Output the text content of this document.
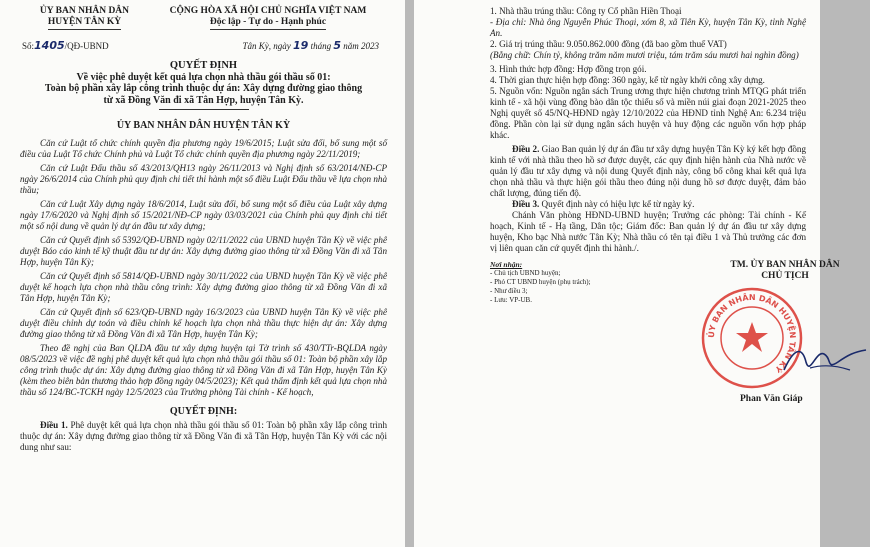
ỦY BAN NHÂN DÂN
HUYỆN TÂN KỲ
CỘNG HÒA XÃ HỘI CHỦ NGHĨA VIỆT NAM
Độc lập - Tự do - Hạnh phúc
Số:1405/QĐ-UBND	Tân Kỳ, ngày 19 tháng 5 năm 2023
QUYẾT ĐỊNH
Về việc phê duyệt kết quả lựa chọn nhà thầu gói thầu số 01:
Toàn bộ phần xây lắp công trình thuộc dự án: Xây dựng đường giao thông
từ xã Đồng Văn đi xã Tân Hợp, huyện Tân Kỳ.
ỦY BAN NHÂN DÂN HUYỆN TÂN KỲ

Căn cứ Luật tổ chức chính quyền địa phương ngày 19/6/2015; Luật sửa đổi, bổ sung một số điều của Luật Tổ chức Chính phủ và Luật Tổ chức chính quyền địa phương ngày 22/11/2019;

Căn cứ Luật Đấu thầu số 43/2013/QH13 ngày 26/11/2013 và Nghị định số 63/2014/NĐ-CP ngày 26/6/2014 của Chính phủ quy định chi tiết thi hành một số điều Luật Đấu thầu về lựa chọn nhà thầu;

Căn cứ Luật Xây dựng ngày 18/6/2014, Luật sửa đổi, bổ sung một số điều của Luật xây dựng ngày 17/6/2020 và Nghị định số 15/2021/NĐ-CP ngày 03/03/2021 của Chính phủ quy định chi tiết một số nội dung về quản lý dự án đầu tư xây dựng;

Căn cứ Quyết định số 5392/QĐ-UBND ngày 02/11/2022 của UBND huyện Tân Kỳ về việc phê duyệt Báo cáo kinh tế kỹ thuật đầu tư dự án: Xây dựng đường giao thông từ xã Đồng Văn đi xã Tân Hợp, huyện Tân Kỳ;

Căn cứ Quyết định số 5814/QĐ-UBND ngày 30/11/2022 của UBND huyện Tân Kỳ về việc phê duyệt kế hoạch lựa chọn nhà thầu công trình: Xây dựng đường giao thông từ xã Đồng Văn đi xã Tân Hợp, huyện Tân Kỳ;

Căn cứ Quyết định số 623/QĐ-UBND ngày 16/3/2023 của UBND huyện Tân Kỳ về việc phê duyệt điều chỉnh dự toán và điều chỉnh kế hoạch lựa chọn nhà thầu thực hiện dự án: Xây dựng đường giao thông từ xã Đồng Văn đi xã Tân Hợp, huyện Tân Kỳ;

Theo đề nghị của Ban QLDA đầu tư xây dựng huyện tại Tờ trình số 430/TTr-BQLDA ngày 08/5/2023 về việc đề nghị phê duyệt kết quả lựa chọn nhà thầu gói thầu số 01: Toàn bộ phần xây lắp công trình thuộc dự án: Xây dựng đường giao thông từ xã Đồng Văn đi xã Tân Hợp, huyện Tân Kỳ (kèm theo biên bản thương thảo hợp đồng ngày 04/5/2023); Kết quả thẩm định kết quả lựa chọn nhà thầu số 124/BC-TCKH ngày 12/5/2023 của Trưởng phòng Tài chính - Kế hoạch,

QUYẾT ĐỊNH:

Điều 1. Phê duyệt kết quả lựa chọn nhà thầu gói thầu số 01: Toàn bộ phần xây lắp công trình thuộc dự án: Xây dựng đường giao thông từ xã Đồng Văn đi xã Tân Hợp, huyện Tân Kỳ với các nội dung như sau:

1. Nhà thầu trúng thầu: Công ty Cổ phần Hiền Thoại

- Địa chỉ: Nhà ông Nguyễn Phúc Thoại, xóm 8, xã Tiên Kỳ, huyện Tân Kỳ, tỉnh Nghệ An.

2. Giá trị trúng thầu: 9.050.862.000 đồng (đã bao gồm thuế VAT)

(Bằng chữ: Chín tỷ, không trăm năm mươi triệu, tám trăm sáu mươi hai nghìn đồng)

3. Hình thức hợp đồng: Hợp đồng trọn gói.

4. Thời gian thực hiện hợp đồng: 360 ngày, kể từ ngày khởi công xây dựng.

5. Nguồn vốn: Nguồn ngân sách Trung ương thực hiện chương trình MTQG phát triển kinh tế - xã hội vùng đồng bào dân tộc thiểu số và miền núi giai đoạn 2021-2025 theo Nghị quyết số 45/NQ-HĐND ngày 12/10/2022 của HĐND tỉnh Nghệ An: 6.234 triệu đồng. Phần còn lại sử dụng ngân sách huyện và huy động các nguồn vốn hợp pháp khác.

Điều 2. Giao Ban quản lý dự án đầu tư xây dựng huyện Tân Kỳ ký kết hợp đồng kinh tế với nhà thầu theo hồ sơ được duyệt, các quy định hiện hành của Nhà nước về quản lý đầu tư xây dựng và nội dung Quyết định này, công bố công khai kết quả lựa chọn nhà thầu và thực hiện gói thầu theo đúng nội dung hồ sơ được duyệt, đảm bảo chất lượng, đúng tiến độ.

Điều 3. Quyết định này có hiệu lực kể từ ngày ký.

Chánh Văn phòng HĐND-UBND huyện; Trưởng các phòng: Tài chính - Kế hoạch, Kinh tế - Hạ tầng, Dân tộc; Giám đốc: Ban quản lý dự án đầu tư xây dựng huyện, Kho bạc Nhà nước Tân Kỳ; Nhà thầu có tên tại điều 1 và Thủ trưởng các đơn vị liên quan căn cứ quyết định thi hành./.

Nơi nhận:
- Chủ tịch UBND huyện;
- Phó CT UBND huyện (phụ trách);
- Như điều 3;
- Lưu: VP-UB.
TM. ỦY BAN NHÂN DÂN
CHỦ TỊCH
ỦY BAN NHÂN DÂN HUYỆN TÂN KỲ
Phan Văn Giáp
